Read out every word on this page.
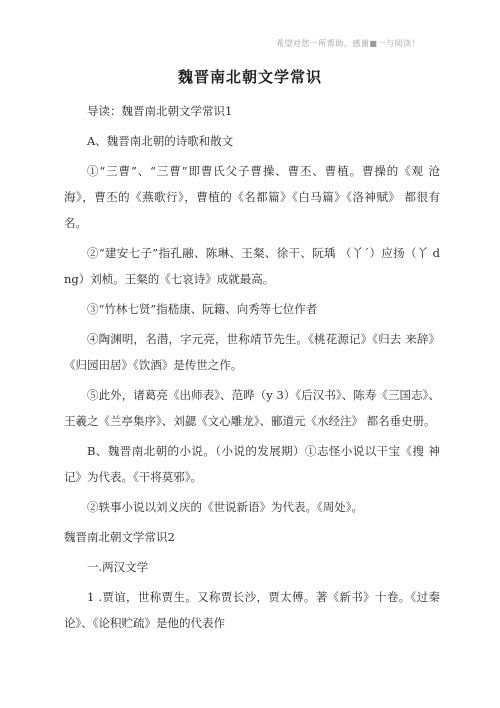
希望对您一所帮助，感谢■一与阅读！
魏晋南北朝文学常识

导读：魏晋南北朝文学常识1

A、魏晋南北朝的诗歌和散文

①“三曹”、“三曹”即曹氏父子曹操、曹丕、曹植。曹操的《观 沧海》，曹丕的《燕歌行》，曹植的《名都篇》《白马篇》《洛神赋》 都很有名。

②“建安七子”指孔融、陈琳、王粲、徐干、阮瑀 （丫´）应扬（丫 d ng）刘桢。王粲的《七哀诗》成就最高。

③“竹林七贤”指嵇康、阮籍、向秀等七位作者

④陶渊明，名潜，字元亮，世称靖节先生。《桃花源记》《归去 来辞》《归园田居》《饮酒》是传世之作。

⑤此外，诸葛亮《出师表》、范晔（y 3）《后汉书》、陈寿《三国志》、王羲之《兰亭集序》、刘勰《文心雕龙》、郦道元《水经注》 都名垂史册。

B、魏晋南北朝的小说。（小说的发展期）①志怪小说以干宝《搜 神记》为代表。《干将莫邪》。

②轶事小说以刘义庆的《世说新语》为代表。《周处》。

魏晋南北朝文学常识2

一.两汉文学

1 .贾谊，世称贾生。又称贾长沙，贾太傅。著《新书》十卷。《过秦论》、《论积贮疏》是他的代表作
